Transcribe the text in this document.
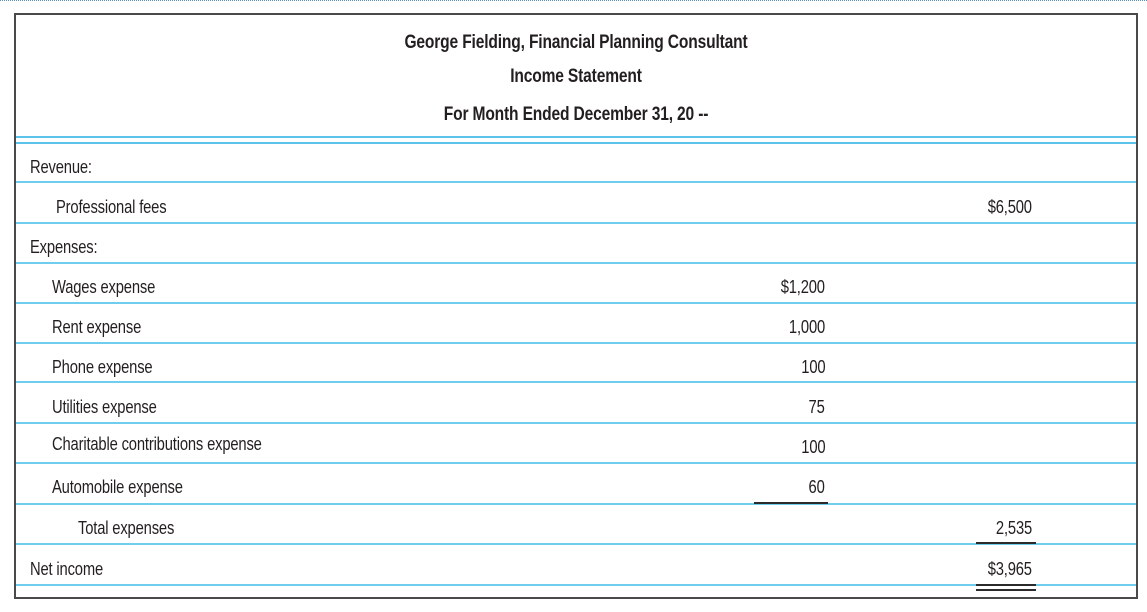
George Fielding, Financial Planning Consultant
Income Statement
For Month Ended December 31, 20 --
Revenue:
Professional fees	$6,500
Expenses:
Wages expense	$1,200
Rent expense	1,000
Phone expense	100
Utilities expense	75
Charitable contributions expense	100
Automobile expense	60
Total expenses	2,535
Net income	$3,965
